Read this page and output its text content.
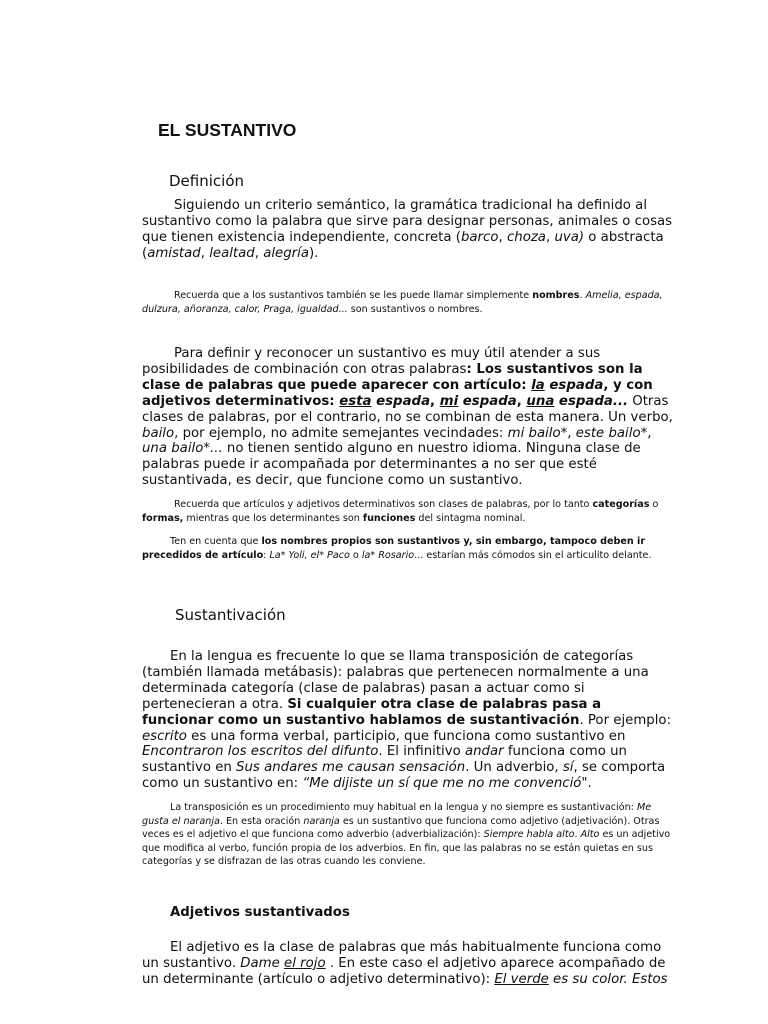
EL SUSTANTIVO
Definición
Siguiendo un criterio semántico, la gramática tradicional ha definido al sustantivo como la palabra que sirve para designar personas, animales o cosas que tienen existencia independiente, concreta (barco, choza, uva) o abstracta (amistad, lealtad, alegría).
Recuerda que a los sustantivos también se les puede llamar simplemente nombres. Amelia, espada, dulzura, añoranza, calor, Praga, igualdad... son sustantivos o nombres.
Para definir y reconocer un sustantivo es muy útil atender a sus posibilidades de combinación con otras palabras: Los sustantivos son la clase de palabras que puede aparecer con artículo: la espada, y con adjetivos determinativos: esta espada, mi espada, una espada... Otras clases de palabras, por el contrario, no se combinan de esta manera. Un verbo, bailo, por ejemplo, no admite semejantes vecindades: mi bailo*, este bailo*, una bailo*... no tienen sentido alguno en nuestro idioma. Ninguna clase de palabras puede ir acompañada por determinantes a no ser que esté sustantivada, es decir, que funcione como un sustantivo.
Recuerda que artículos y adjetivos determinativos son clases de palabras, por lo tanto categorías o formas, mientras que los determinantes son funciones del sintagma nominal.
Ten en cuenta que los nombres propios son sustantivos y, sin embargo, tampoco deben ir precedidos de artículo: La* Yoli, el* Paco o la* Rosario... estarían más cómodos sin el articulito delante.
Sustantivación
En la lengua es frecuente lo que se llama transposición de categorías (también llamada metábasis): palabras que pertenecen normalmente a una determinada categoría (clase de palabras) pasan a actuar como si pertenecieran a otra. Si cualquier otra clase de palabras pasa a funcionar como un sustantivo hablamos de sustantivación. Por ejemplo: escrito es una forma verbal, participio, que funciona como sustantivo en Encontraron los escritos del difunto. El infinitivo andar funciona como un sustantivo en Sus andares me causan sensación. Un adverbio, sí, se comporta como un sustantivo en: “Me dijiste un sí que me no me convenció".
La transposición es un procedimiento muy habitual en la lengua y no siempre es sustantivación: Me gusta el naranja. En esta oración naranja es un sustantivo que funciona como adjetivo (adjetivación). Otras veces es el adjetivo el que funciona como adverbio (adverbialización): Siempre habla alto. Alto es un adjetivo que modifica al verbo, función propia de los adverbios. En fin, que las palabras no se están quietas en sus categorías y se disfrazan de las otras cuando les conviene.
Adjetivos sustantivados
El adjetivo es la clase de palabras que más habitualmente funciona como un sustantivo. Dame el rojo . En este caso el adjetivo aparece acompañado de un determinante (artículo o adjetivo determinativo): El verde es su color. Estos
